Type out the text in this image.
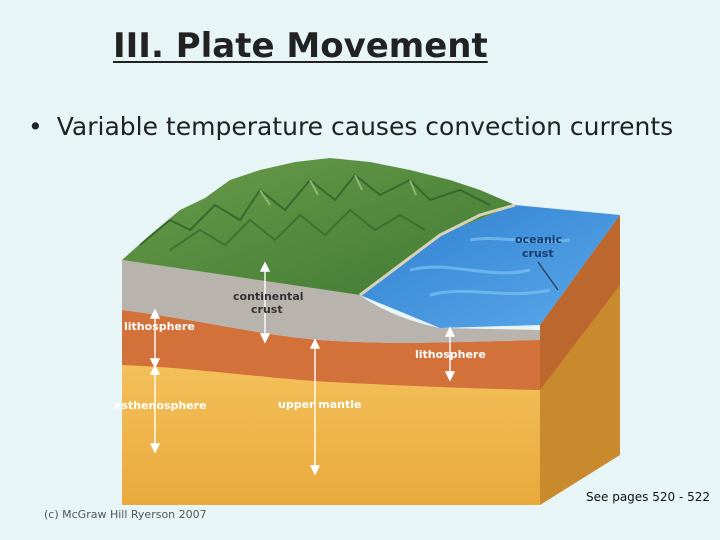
III. Plate Movement
• Variable temperature causes convection currents
oceanic
crust
continental
crust
lithosphere
lithosphere
asthenosphere	upper mantle
(c) McGraw Hill Ryerson 2007
See pages 520 - 522
